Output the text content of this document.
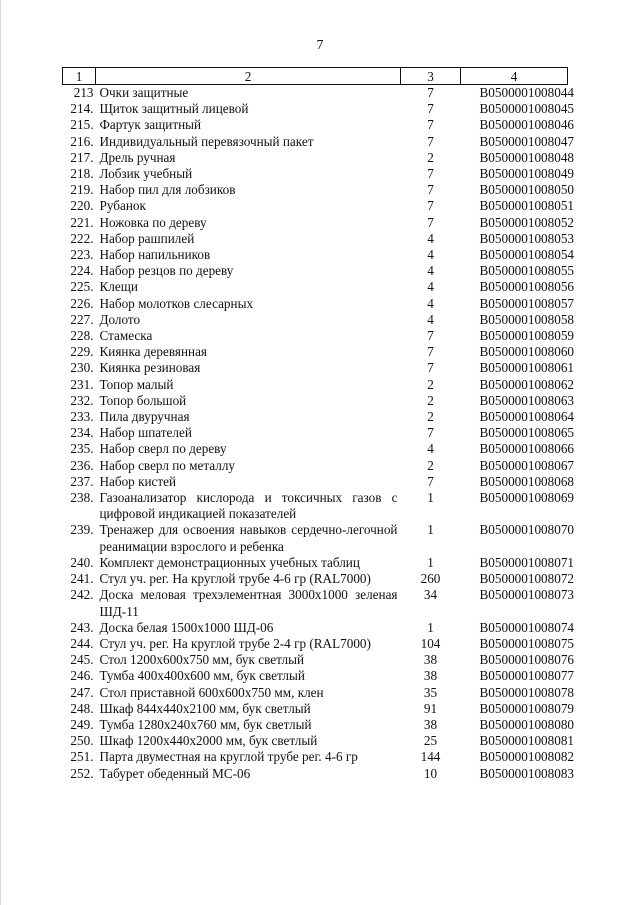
7
1	2	3	4
213	Очки защитные	7	B0500001008044
214.	Щиток защитный лицевой	7	B0500001008045
215.	Фартук защитный	7	B0500001008046
216.	Индивидуальный перевязочный пакет	7	B0500001008047
217.	Дрель ручная	2	B0500001008048
218.	Лобзик учебный	7	B0500001008049
219.	Набор пил для лобзиков	7	B0500001008050
220.	Рубанок	7	B0500001008051
221.	Ножовка по дереву	7	B0500001008052
222.	Набор рашпилей	4	B0500001008053
223.	Набор напильников	4	B0500001008054
224.	Набор резцов по дереву	4	B0500001008055
225.	Клещи	4	B0500001008056
226.	Набор молотков слесарных	4	B0500001008057
227.	Долото	4	B0500001008058
228.	Стамеска	7	B0500001008059
229.	Киянка деревянная	7	B0500001008060
230.	Киянка резиновая	7	B0500001008061
231.	Топор малый	2	B0500001008062
232.	Топор большой	2	B0500001008063
233.	Пила двуручная	2	B0500001008064
234.	Набор шпателей	7	B0500001008065
235.	Набор сверл по дереву	4	B0500001008066
236.	Набор сверл по металлу	2	B0500001008067
237.	Набор кистей	7	B0500001008068
238.	Газоанализатор кислорода и токсичных газов с цифровой индикацией показателей	1	B0500001008069
239.	Тренажер для освоения навыков сердечно-легочной реанимации взрослого и ребенка	1	B0500001008070
240.	Комплект демонстрационных учебных таблиц	1	B0500001008071
241.	Стул уч. рег. На круглой трубе 4-6 гр (RAL7000)	260	B0500001008072
242.	Доска меловая трехэлементная 3000x1000 зеленая ШД-11	34	B0500001008073
243.	Доска белая 1500x1000 ШД-06	1	B0500001008074
244.	Стул уч. рег. На круглой трубе 2-4 гр (RAL7000)	104	B0500001008075
245.	Стол 1200x600x750 мм, бук светлый	38	B0500001008076
246.	Тумба 400x400x600 мм, бук светлый	38	B0500001008077
247.	Стол приставной 600x600x750 мм, клен	35	B0500001008078
248.	Шкаф 844x440x2100 мм, бук светлый	91	B0500001008079
249.	Тумба 1280x240x760 мм, бук светлый	38	B0500001008080
250.	Шкаф 1200x440x2000 мм, бук светлый	25	B0500001008081
251.	Парта двуместная на круглой трубе рег. 4-6 гр	144	B0500001008082
252.	Табурет обеденный МС-06	10	B0500001008083
